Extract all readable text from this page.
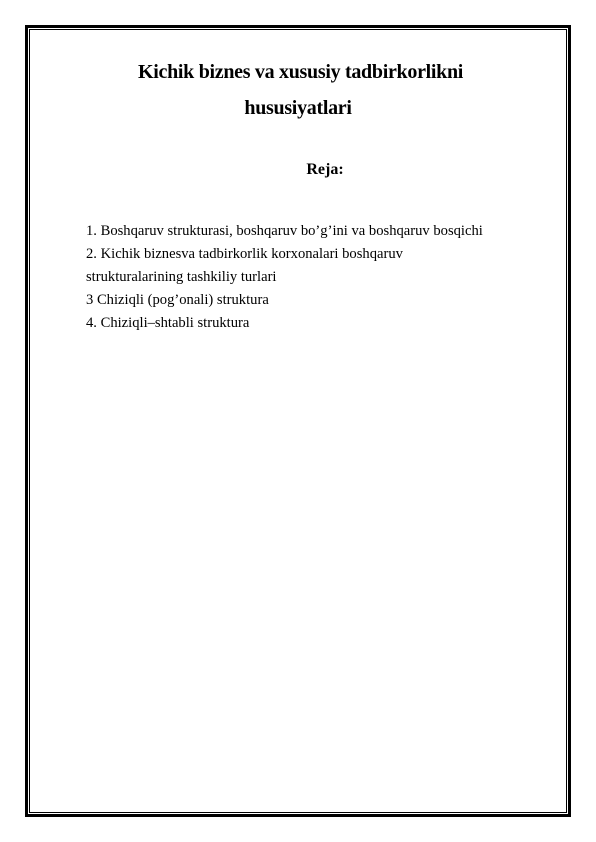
Kichik biznes va xususiy tadbirkorlikni
hususiyatlari
Reja:
1. Boshqaruv strukturasi, boshqaruv bo’g’ini va boshqaruv bosqichi
2. Kichik biznesva tadbirkorlik korxonalari boshqaruv
strukturalarining tashkiliy turlari
3 Chiziqli (pog’onali) struktura
4. Chiziqli–shtabli struktura
